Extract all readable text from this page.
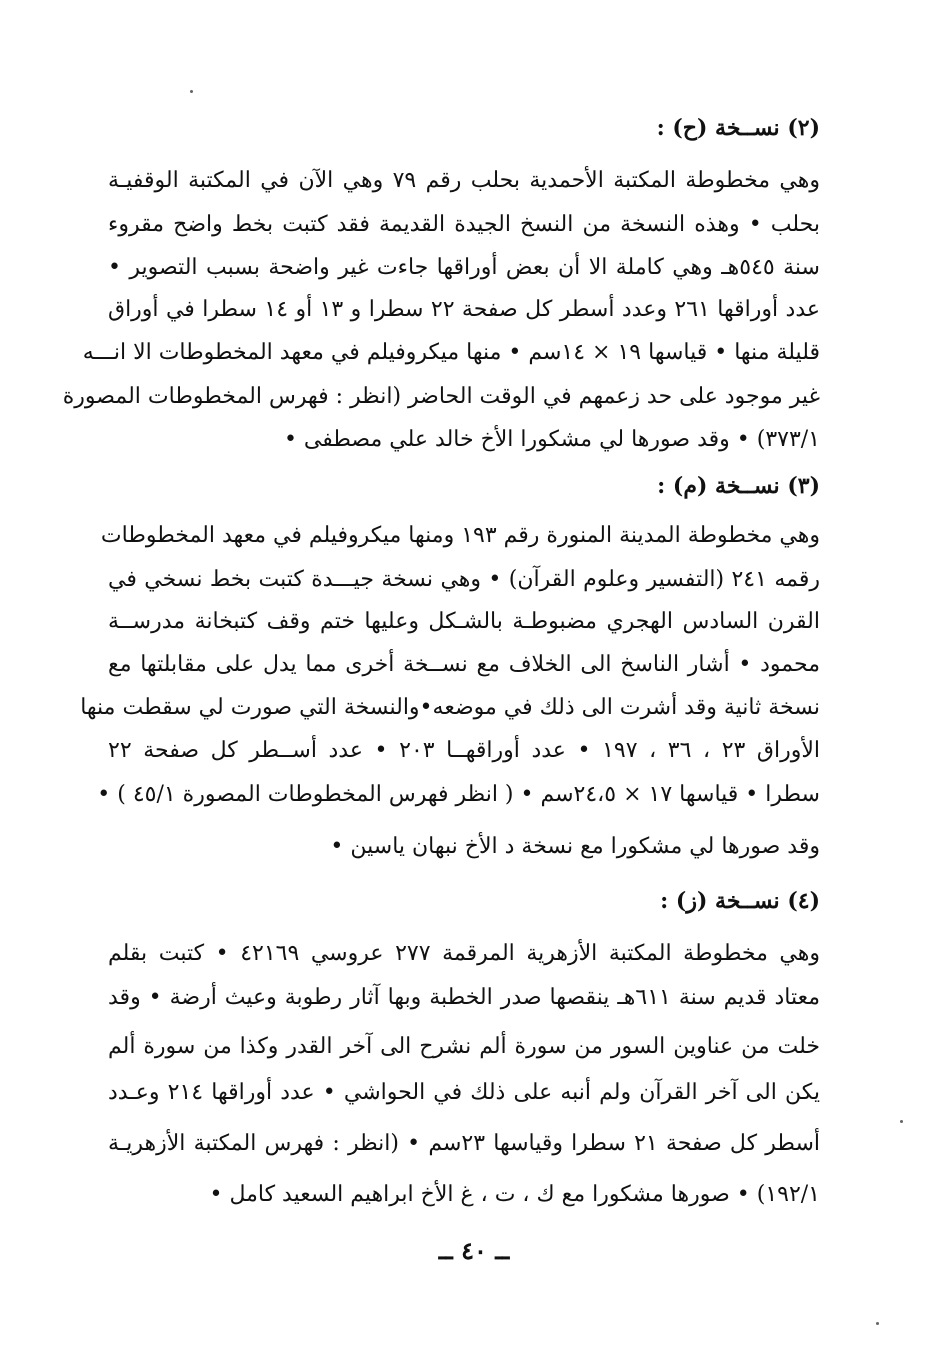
(٢) نســخة (ح) :
وهي مخطوطة المكتبة الأحمدية بحلب رقم ٧٩ وهي الآن في المكتبة الوقفيـة
بحلب • وهذه النسخة من النسخ الجيدة القديمة فقد كتبت بخط واضح مقروء
سنة ٥٤٥هـ وهي كاملة الا أن بعض أوراقها جاءت غير واضحة بسبب التصوير •
عدد أوراقها ٢٦١ وعدد أسطر كل صفحة ٢٢ سطرا و ١٣ أو ١٤ سطرا في أوراق
قليلة منها • قياسها ١٩ × ١٤سم • منها ميكروفيلم في معهد المخطوطات الا انـــه
غير موجود على حد زعمهم في الوقت الحاضر (انظر : فهرس المخطوطات المصورة
٣٧٣/١) • وقد صورها لي مشكورا الأخ خالد علي مصطفى •
(٣) نســخة (م) :
وهي مخطوطة المدينة المنورة رقم ١٩٣ ومنها ميكروفيلم في معهد المخطوطات
رقمه ٢٤١ (التفسير وعلوم القرآن) • وهي نسخة جيـــدة كتبت بخط نسخي في
القرن السادس الهجري مضبوطـة بالشـكل وعليها ختم وقف كتبخانة مدرســة
محمود • أشار الناسخ الى الخلاف مع نســخة أخرى مما يدل على مقابلتها مع
نسخة ثانية وقد أشرت الى ذلك في موضعه•والنسخة التي صورت لي سقطت منها
الأوراق ٢٣ ، ٣٦ ، ١٩٧ • عدد أوراقهــا ٢٠٣ • عدد أســطر كل صفحة ٢٢
سطرا • قياسها ١٧ × ٢٤،٥سم • ( انظر فهرس المخطوطات المصورة ٤٥/١ ) •
وقد صورها لي مشكورا مع نسخة د الأخ نبهان ياسين •
(٤) نســخة (ز) :
وهي مخطوطة المكتبة الأزهرية المرقمة ٢٧٧ عروسي ٤٢١٦٩ • كتبت بقلم
معتاد قديم سنة ٦١١هـ ينقصها صدر الخطبة وبها آثار رطوبة وعيث أرضة • وقد
خلت من عناوين السور من سورة ألم نشرح الى آخر القدر وكذا من سورة ألم
يكن الى آخر القرآن ولم أنبه على ذلك في الحواشي • عدد أوراقها ٢١٤ وعـدد
أسطر كل صفحة ٢١ سطرا وقياسها ٢٣سم • (انظر : فهرس المكتبة الأزهريـة
١٩٢/١) • صورها مشكورا مع ك ، ت ، غ الأخ ابراهيم السعيد كامل •
ــ ٤٠ ــ
